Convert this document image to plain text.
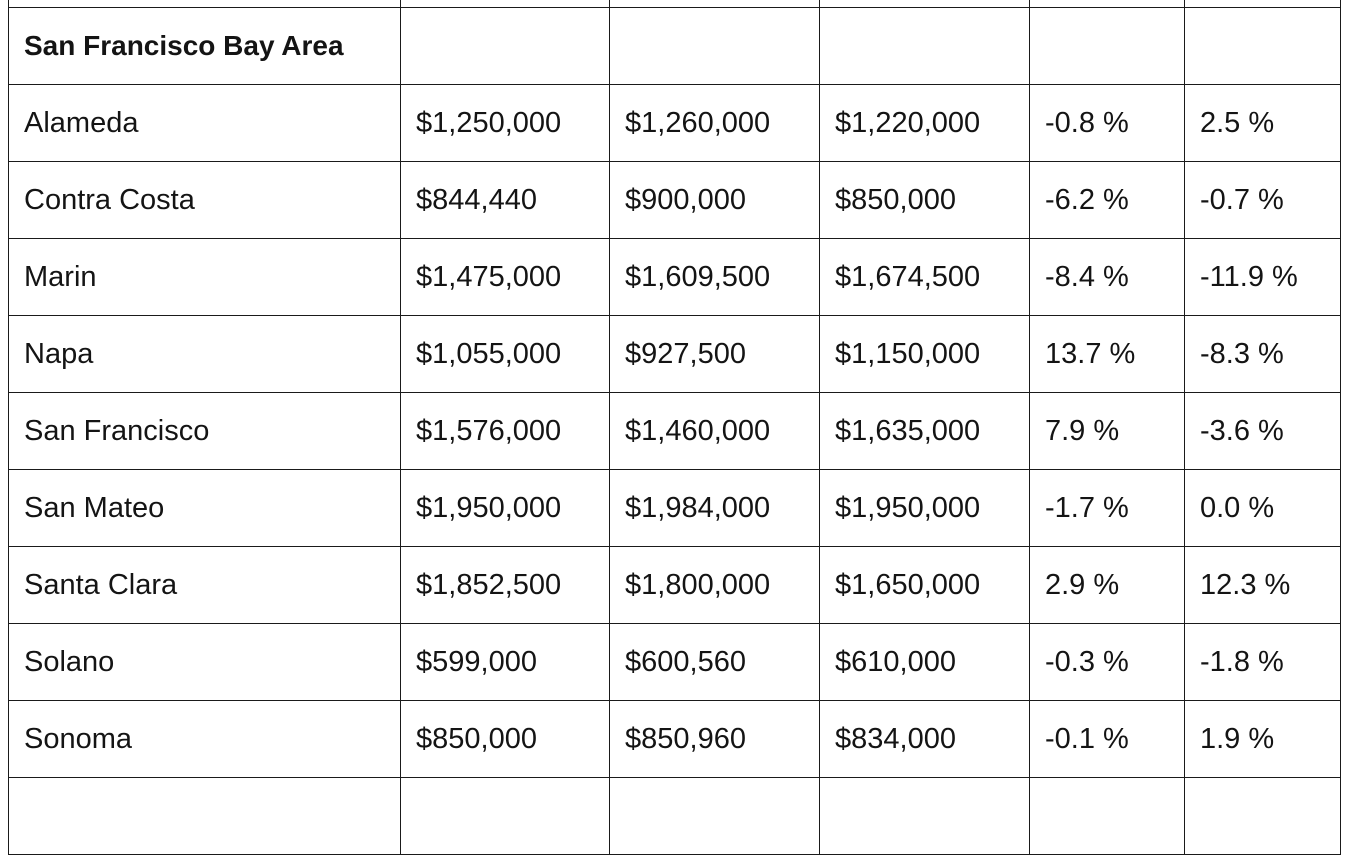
San Francisco Bay Area					
Alameda	$1,250,000	$1,260,000	$1,220,000	-0.8 %	2.5 %
Contra Costa	$844,440	$900,000	$850,000	-6.2 %	-0.7 %
Marin	$1,475,000	$1,609,500	$1,674,500	-8.4 %	-11.9 %
Napa	$1,055,000	$927,500	$1,150,000	13.7 %	-8.3 %
San Francisco	$1,576,000	$1,460,000	$1,635,000	7.9 %	-3.6 %
San Mateo	$1,950,000	$1,984,000	$1,950,000	-1.7 %	0.0 %
Santa Clara	$1,852,500	$1,800,000	$1,650,000	2.9 %	12.3 %
Solano	$599,000	$600,560	$610,000	-0.3 %	-1.8 %
Sonoma	$850,000	$850,960	$834,000	-0.1 %	1.9 %
